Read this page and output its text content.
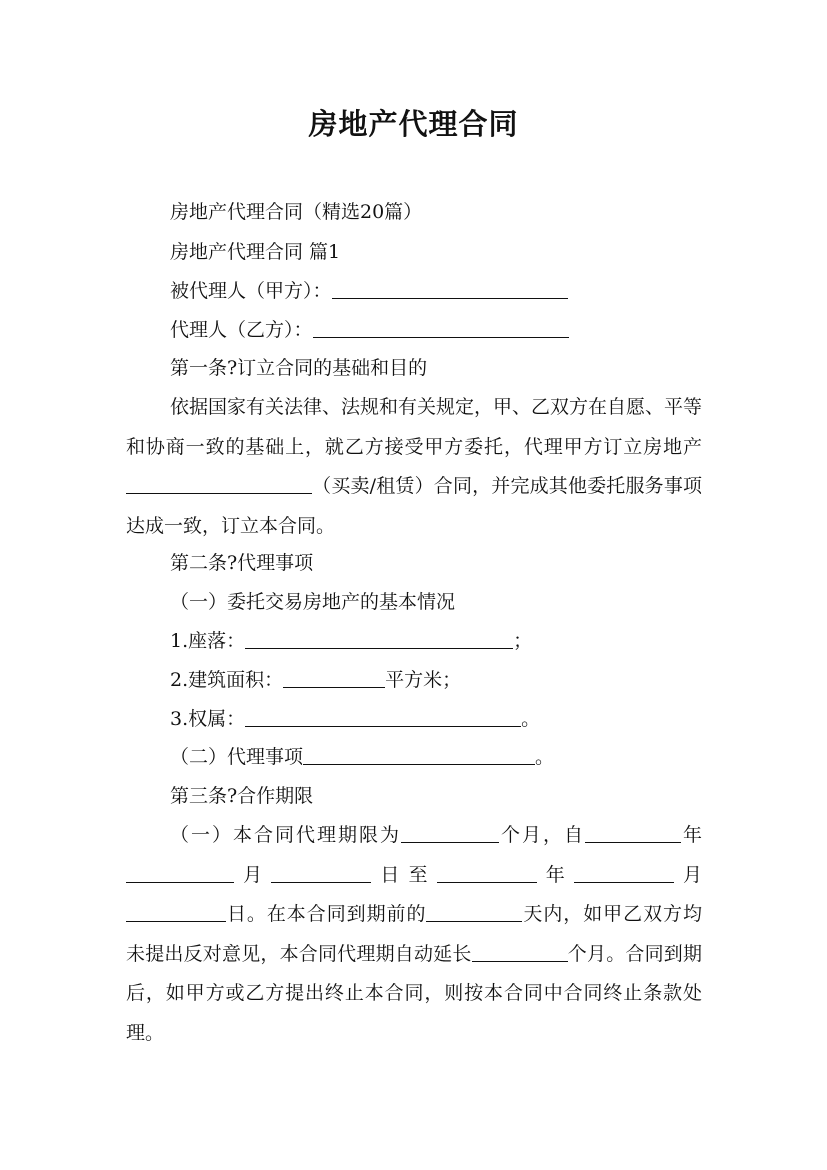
房地产代理合同
房地产代理合同（精选20篇）
房地产代理合同 篇1
被代理人（甲方）：
代理人（乙方）：
第一条?订立合同的基础和目的
依据国家有关法律、法规和有关规定，甲、乙双方在自愿、平等和协商一致的基础上，就乙方接受甲方委托，代理甲方订立房地产（买卖/租赁）合同，并完成其他委托服务事项达成一致，订立本合同。
第二条?代理事项
（一）委托交易房地产的基本情况
1.座落：	；
2.建筑面积：	平方米；
3.权属：	。
（二）代理事项	。
第三条?合作期限
（一）本合同代理期限为	个月，自	年月	日至	年	月日。在本合同到期前的	天内，如甲乙双方均未提出反对意见，本合同代理期自动延长	个月。合同到期后，如甲方或乙方提出终止本合同，则按本合同中合同终止条款处理。
